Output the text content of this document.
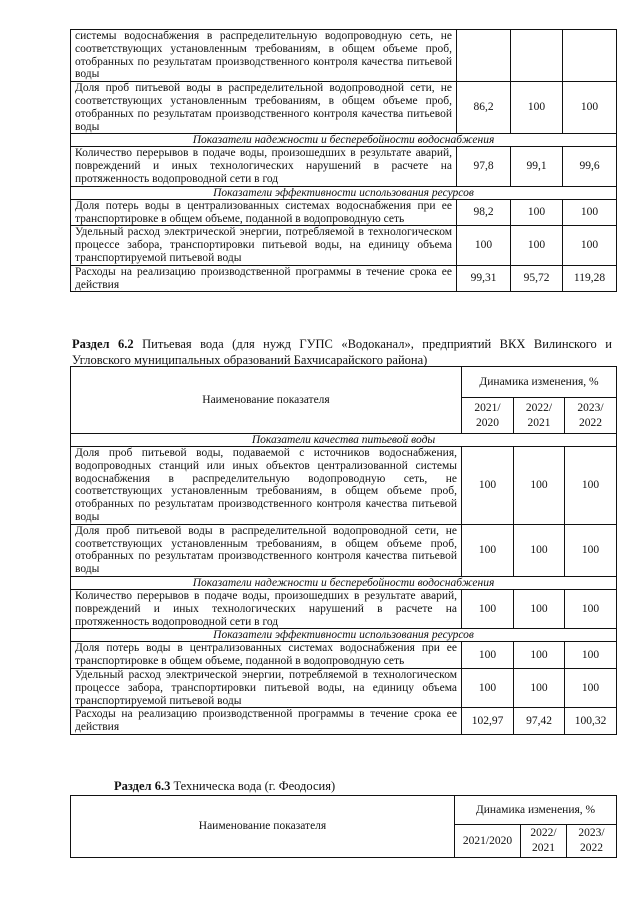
системы водоснабжения в распределительную водопроводную сеть, не соответствующих установленным требованиям, в общем объеме проб, отобранных по результатам производственного контроля качества питьевой воды			
Доля проб питьевой воды в распределительной водопроводной сети, не соответствующих установленным требованиям, в общем объеме проб, отобранных по результатам производственного контроля качества питьевой воды	86,2	100	100
Показатели надежности и бесперебойности водоснабжения			
Количество перерывов в подаче воды, произошедших в результате аварий, повреждений и иных технологических нарушений в расчете на протяженность водопроводной сети в год	97,8	99,1	99,6
Показатели эффективности использования ресурсов			
Доля потерь воды в централизованных системах водоснабжения при ее транспортировке в общем объеме, поданной в водопроводную сеть	98,2	100	100
Удельный расход электрической энергии, потребляемой в технологическом процессе забора, транспортировки питьевой воды, на единицу объема транспортируемой питьевой воды	100	100	100
Расходы на реализацию производственной программы в течение срока ее действия	99,31	95,72	119,28
Раздел 6.2 Питьевая вода (для нужд ГУПС «Водоканал», предприятий ВКХ Вилинского и Угловского муниципальных образований Бахчисарайского района)
Наименование показателя	Динамика изменения, %		
	2021/ 2020	2022/ 2021	2023/ 2022
Показатели качества питьевой воды			
Доля проб питьевой воды, подаваемой с источников водоснабжения, водопроводных станций или иных объектов централизованной системы водоснабжения в распределительную водопроводную сеть, не соответствующих установленным требованиям, в общем объеме проб, отобранных по результатам производственного контроля качества питьевой воды	100	100	100
Доля проб питьевой воды в распределительной водопроводной сети, не соответствующих установленным требованиям, в общем объеме проб, отобранных по результатам производственного контроля качества питьевой воды	100	100	100
Показатели надежности и бесперебойности водоснабжения			
Количество перерывов в подаче воды, произошедших в результате аварий, повреждений и иных технологических нарушений в расчете на протяженность водопроводной сети в год	100	100	100
Показатели эффективности использования ресурсов			
Доля потерь воды в централизованных системах водоснабжения при ее транспортировке в общем объеме, поданной в водопроводную сеть	100	100	100
Удельный расход электрической энергии, потребляемой в технологическом процессе забора, транспортировки питьевой воды, на единицу объема транспортируемой питьевой воды	100	100	100
Расходы на реализацию производственной программы в течение срока ее действия	102,97	97,42	100,32
Раздел 6.3 Техническа вода (г. Феодосия)
Наименование показателя	Динамика изменения, %		
	2021/2020	2022/ 2021	2023/ 2022
